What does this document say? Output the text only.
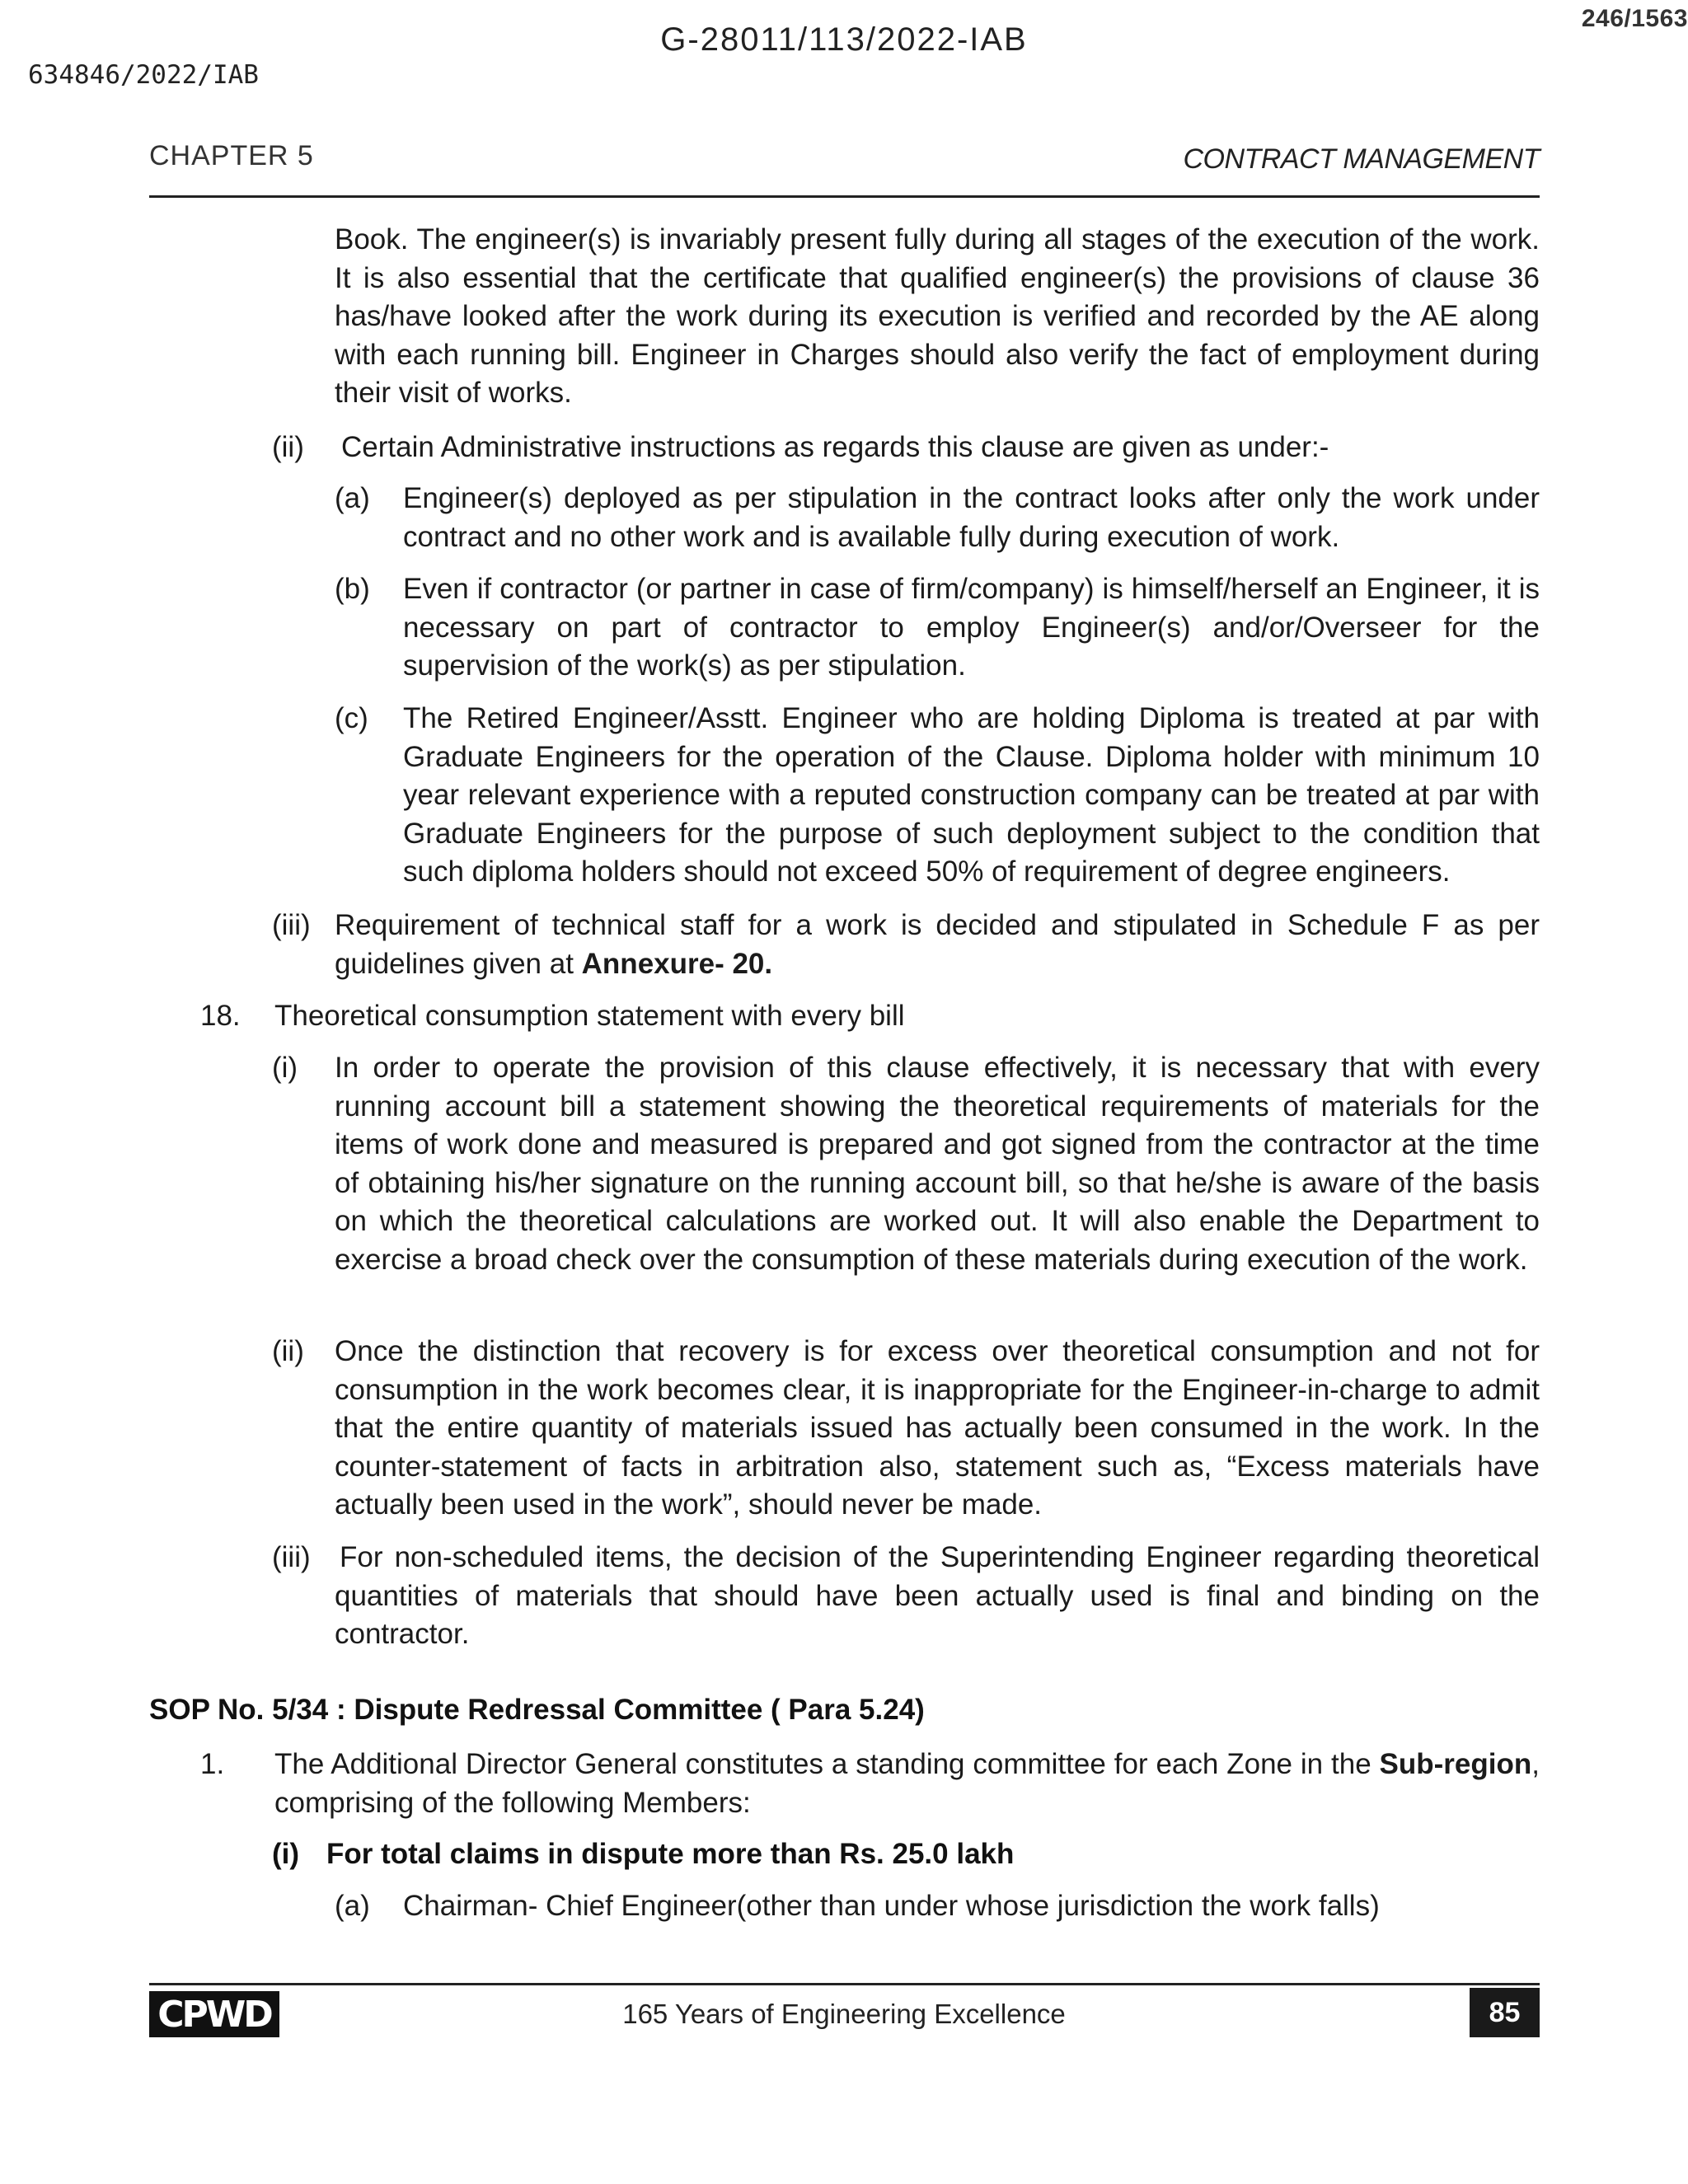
246/1563
G-28011/113/2022-IAB
634846/2022/IAB
CHAPTER 5	CONTRACT MANAGEMENT

Book. The engineer(s) is invariably present fully during all stages of the execution of the work. It is also essential that the certificate that qualified engineer(s) the provisions of clause 36 has/have looked after the work during its execution is verified and recorded by the AE along with each running bill. Engineer in Charges should also verify the fact of employment during their visit of works.

(ii) Certain Administrative instructions as regards this clause are given as under:-
(a) Engineer(s) deployed as per stipulation in the contract looks after only the work under contract and no other work and is available fully during execution of work.

(b) Even if contractor (or partner in case of firm/company) is himself/herself an Engineer, it is necessary on part of contractor to employ Engineer(s) and/or/Overseer for the supervision of the work(s) as per stipulation.

(c) The Retired Engineer/Asstt. Engineer who are holding Diploma is treated at par with Graduate Engineers for the operation of the Clause. Diploma holder with minimum 10 year relevant experience with a reputed construction company can be treated at par with Graduate Engineers for the purpose of such deployment subject to the condition that such diploma holders should not exceed 50% of requirement of degree engineers.

(iii) Requirement of technical staff for a work is decided and stipulated in Schedule F as per guidelines given at Annexure- 20.

18. Theoretical consumption statement with every bill
(i) In order to operate the provision of this clause effectively, it is necessary that with every running account bill a statement showing the theoretical requirements of materials for the items of work done and measured is prepared and got signed from the contractor at the time of obtaining his/her signature on the running account bill, so that he/she is aware of the basis on which the theoretical calculations are worked out. It will also enable the Department to exercise a broad check over the consumption of these materials during execution of the work.

(ii) Once the distinction that recovery is for excess over theoretical consumption and not for consumption in the work becomes clear, it is inappropriate for the Engineer-in-charge to admit that the entire quantity of materials issued has actually been consumed in the work. In the counter-statement of facts in arbitration also, statement such as, “Excess materials have actually been used in the work”, should never be made.

(iii) For non-scheduled items, the decision of the Superintending Engineer regarding theoretical quantities of materials that should have been actually used is final and binding on the contractor.

SOP No. 5/34 : Dispute Redressal Committee ( Para 5.24)
1. The Additional Director General constitutes a standing committee for each Zone in the Sub-region, comprising of the following Members:

(i) For total claims in dispute more than Rs. 25.0 lakh
(a) Chairman- Chief Engineer(other than under whose jurisdiction the work falls)
CPWD	165 Years of Engineering Excellence	85
